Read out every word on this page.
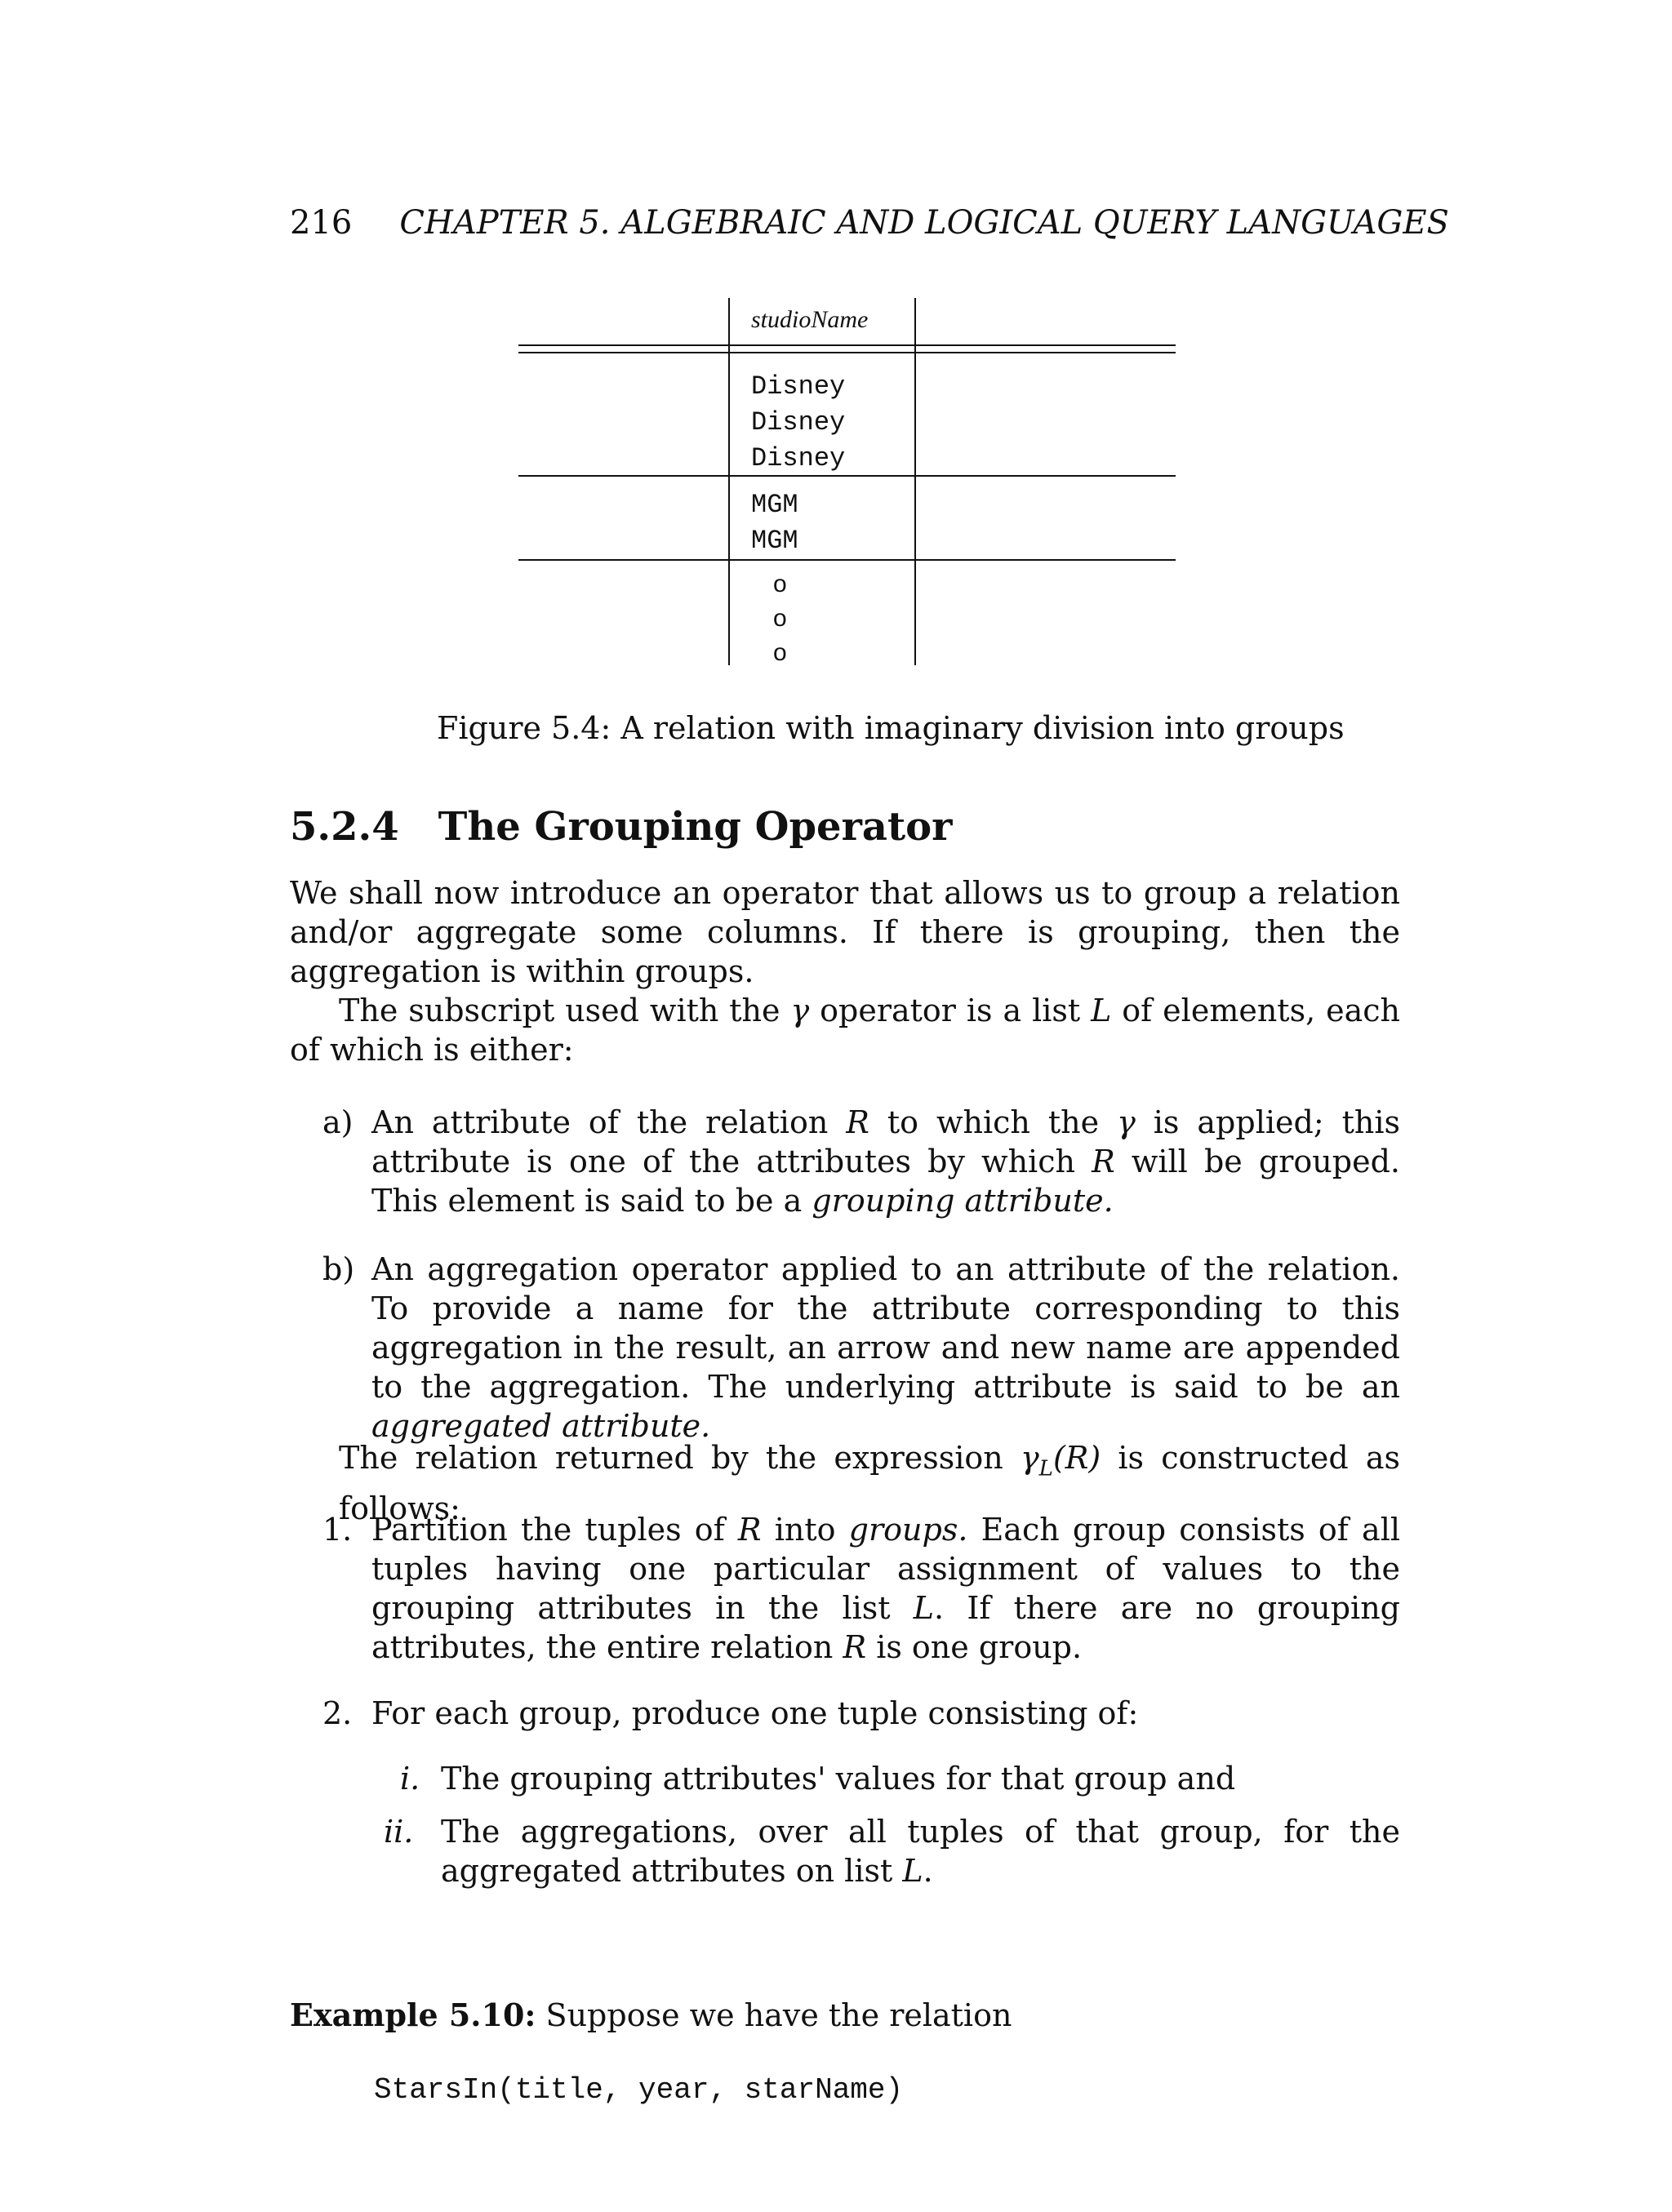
216 CHAPTER 5. ALGEBRAIC AND LOGICAL QUERY LANGUAGES
studioName
Disney
Disney
Disney
MGM
MGM
o
o
o
Figure 5.4: A relation with imaginary division into groups
5.2.4 The Grouping Operator
We shall now introduce an operator that allows us to group a relation and/or aggregate some columns. If there is grouping, then the aggregation is within groups.
The subscript used with the γ operator is a list L of elements, each of which is either:
a) An attribute of the relation R to which the γ is applied; this attribute is one of the attributes by which R will be grouped. This element is said to be a grouping attribute.
b) An aggregation operator applied to an attribute of the relation. To provide a name for the attribute corresponding to this aggregation in the result, an arrow and new name are appended to the aggregation. The underlying attribute is said to be an aggregated attribute.
The relation returned by the expression $\gamma_L(R)$ is constructed as follows:
1. Partition the tuples of R into groups. Each group consists of all tuples having one particular assignment of values to the grouping attributes in the list L. If there are no grouping attributes, the entire relation R is one group.
2. For each group, produce one tuple consisting of:
i. The grouping attributes' values for that group and
ii. The aggregations, over all tuples of that group, for the aggregated attributes on list L.
Example 5.10: Suppose we have the relation
StarsIn(title, year, starName)
